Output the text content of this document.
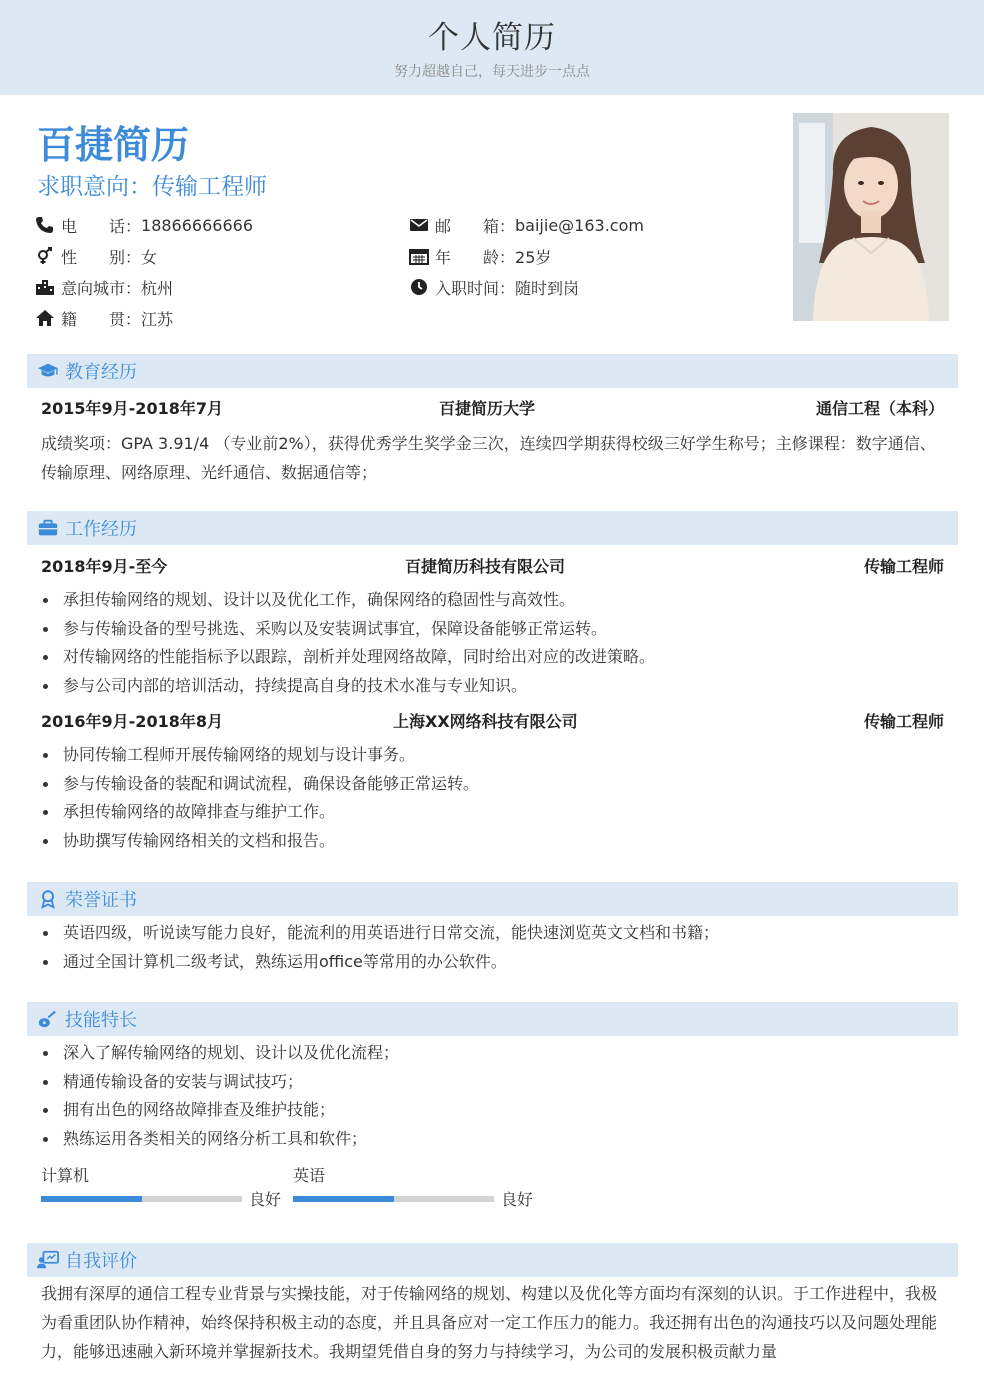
个人简历
努力超越自己，每天进步一点点
百捷简历
求职意向：传输工程师
电　　话： 18866666666	邮　　箱： baijie@163.com
性　　别： 女	年　　龄： 25岁
意向城市： 杭州	入职时间： 随时到岗
籍　　贯： 江苏
教育经历
2015年9月-2018年7月	百捷简历大学	通信工程（本科）
成绩奖项：GPA 3.91/4 （专业前2%），获得优秀学生奖学金三次，连续四学期获得校级三好学生称号；主修课程：数字通信、传输原理、网络原理、光纤通信、数据通信等；
工作经历
2018年9月-至今	百捷简历科技有限公司	传输工程师
承担传输网络的规划、设计以及优化工作，确保网络的稳固性与高效性。
参与传输设备的型号挑选、采购以及安装调试事宜，保障设备能够正常运转。
对传输网络的性能指标予以跟踪，剖析并处理网络故障，同时给出对应的改进策略。
参与公司内部的培训活动，持续提高自身的技术水准与专业知识。
2016年9月-2018年8月	上海XX网络科技有限公司	传输工程师
协同传输工程师开展传输网络的规划与设计事务。
参与传输设备的装配和调试流程，确保设备能够正常运转。
承担传输网络的故障排查与维护工作。
协助撰写传输网络相关的文档和报告。
荣誉证书
英语四级，听说读写能力良好，能流利的用英语进行日常交流，能快速浏览英文文档和书籍；
通过全国计算机二级考试，熟练运用office等常用的办公软件。
技能特长
深入了解传输网络的规划、设计以及优化流程；
精通传输设备的安装与调试技巧；
拥有出色的网络故障排查及维护技能；
熟练运用各类相关的网络分析工具和软件；
计算机
良好
英语
良好
自我评价
我拥有深厚的通信工程专业背景与实操技能，对于传输网络的规划、构建以及优化等方面均有深刻的认识。于工作进程中，我极为看重团队协作精神，始终保持积极主动的态度，并且具备应对一定工作压力的能力。我还拥有出色的沟通技巧以及问题处理能力，能够迅速融入新环境并掌握新技术。我期望凭借自身的努力与持续学习，为公司的发展积极贡献力量
